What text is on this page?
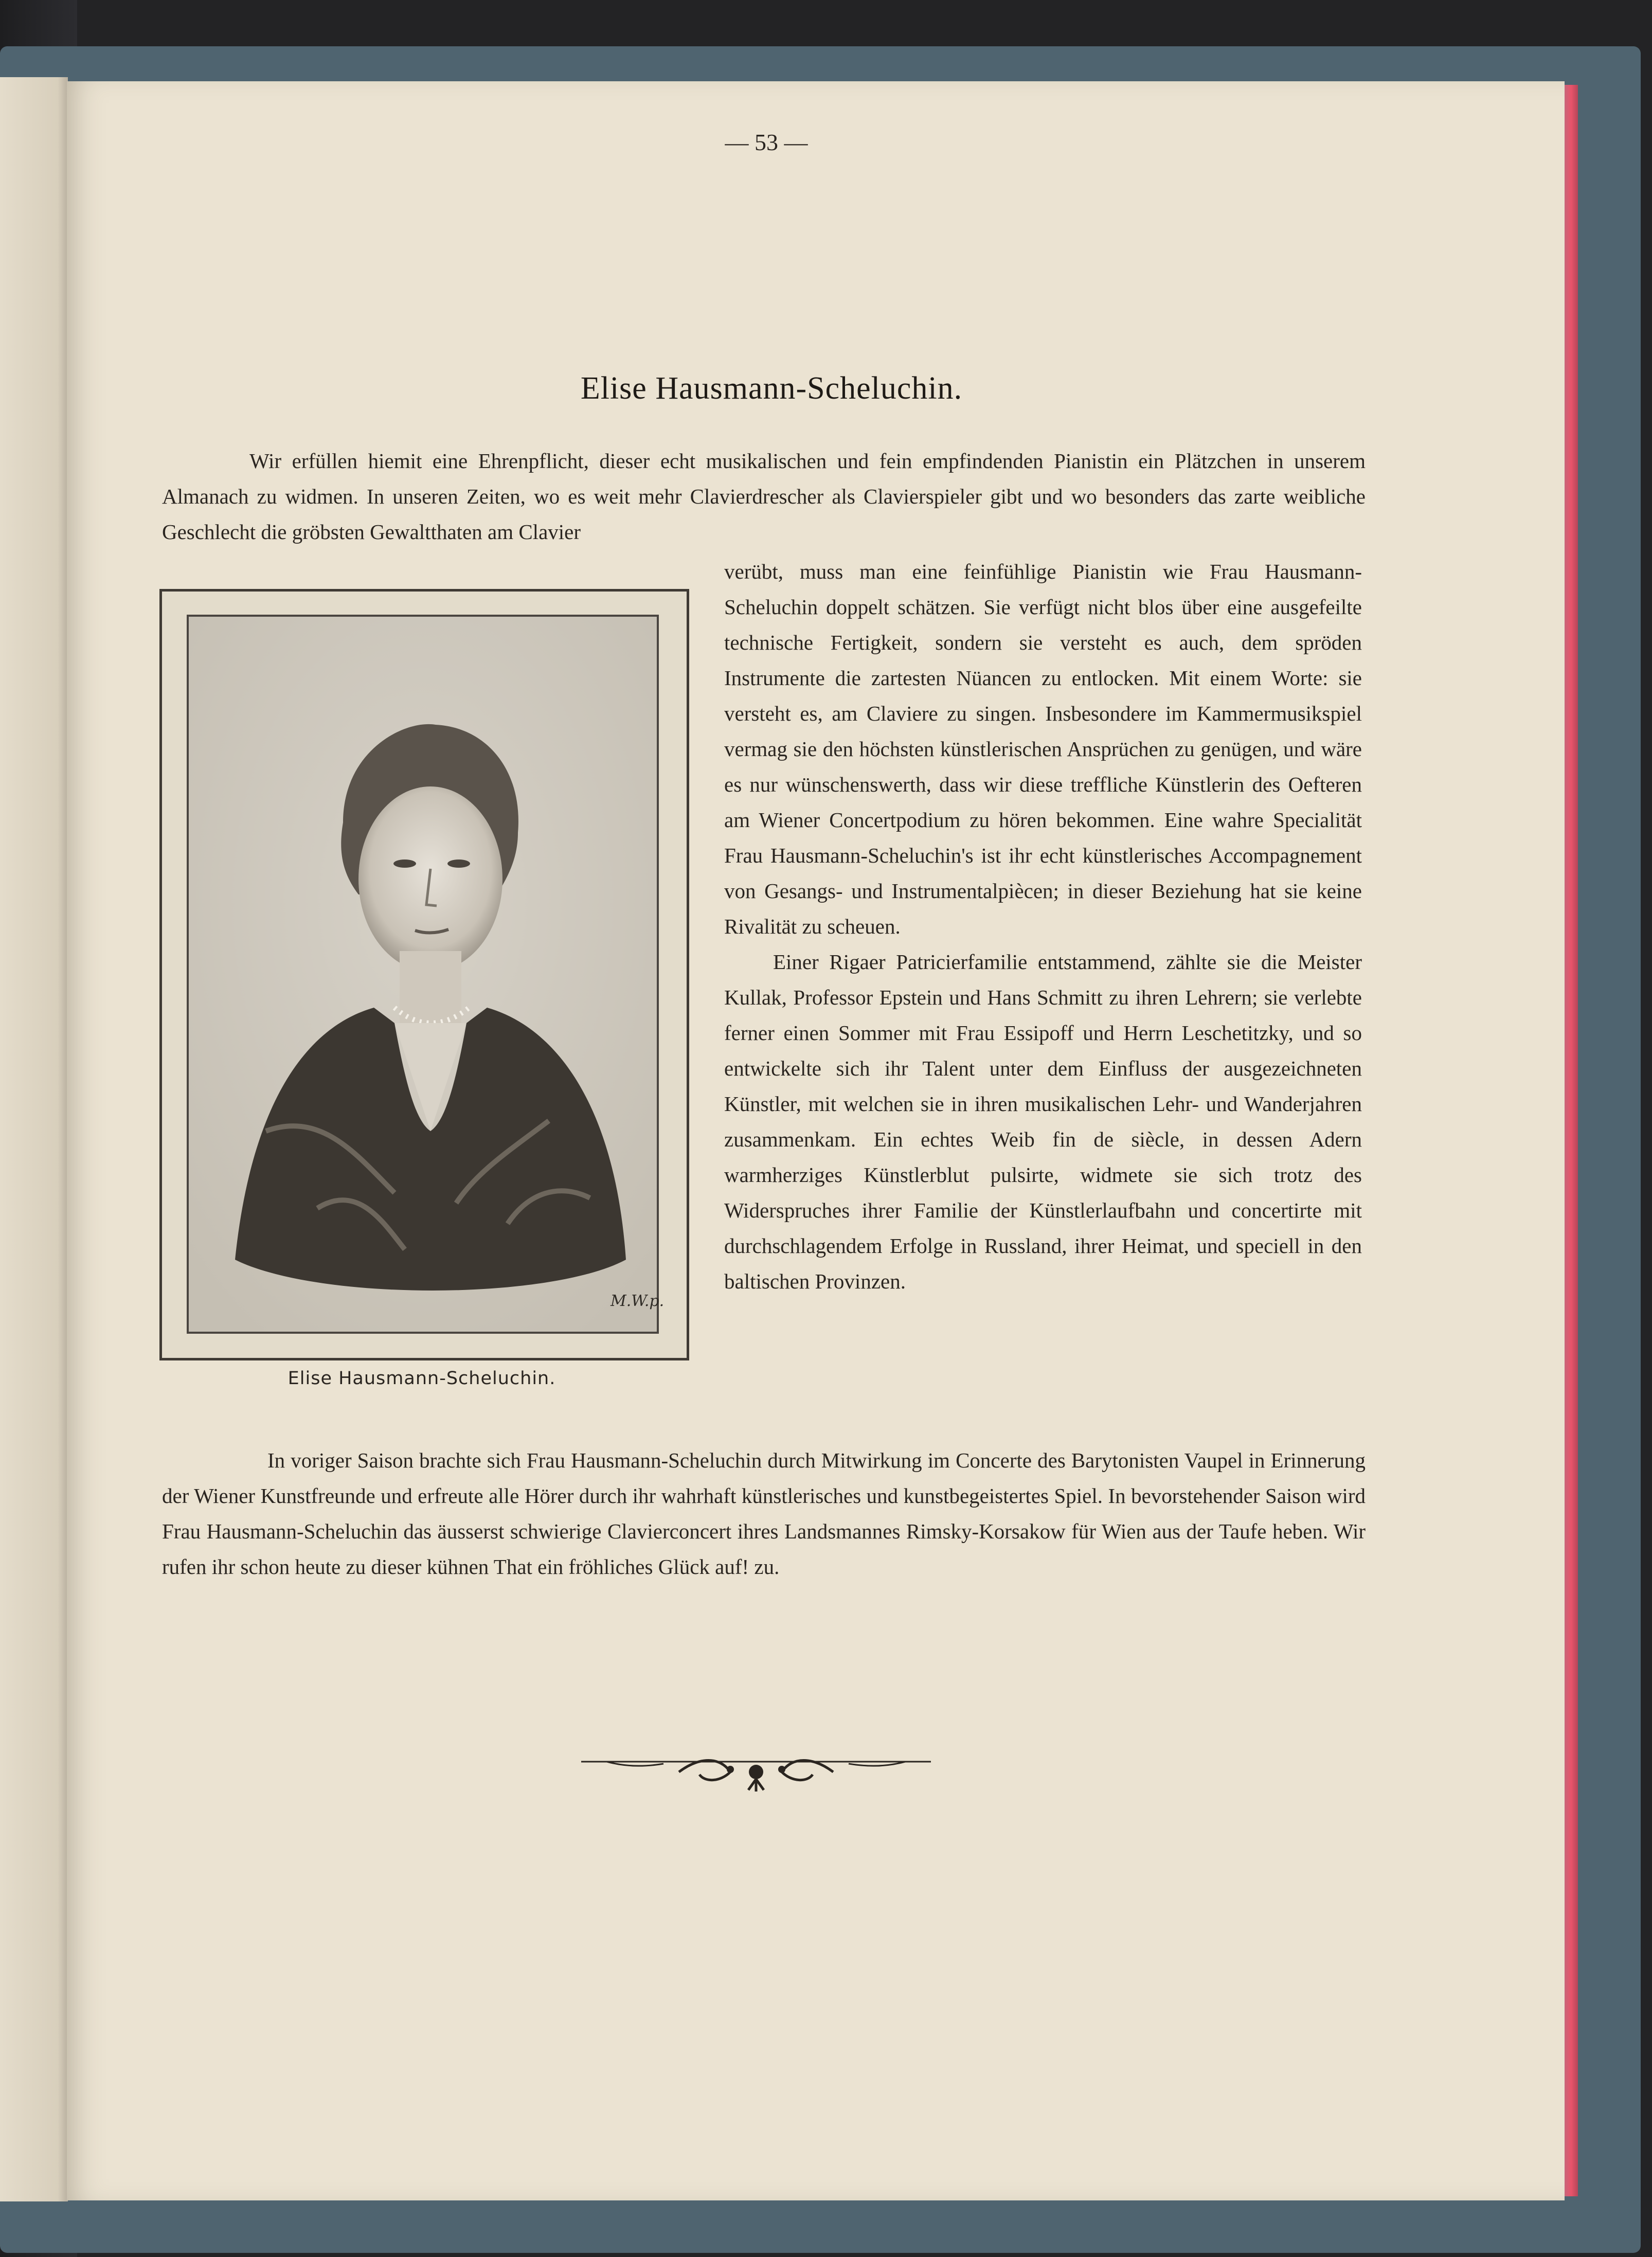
— 53 —
Elise Hausmann-Scheluchin.

Wir erfüllen hiemit eine Ehrenpflicht, dieser echt musikalischen und fein empfindenden Pianistin ein Plätzchen in unserem Almanach zu widmen. In unseren Zeiten, wo es weit mehr Clavierdrescher als Clavierspieler gibt und wo besonders das zarte weibliche Geschlecht die gröbsten Gewaltthaten am Clavier

M.W.p.
Elise Hausmann-Scheluchin.

verübt, muss man eine feinfühlige Pianistin wie Frau Hausmann-Scheluchin doppelt schätzen. Sie verfügt nicht blos über eine ausgefeilte technische Fertigkeit, sondern sie versteht es auch, dem spröden Instrumente die zartesten Nüancen zu entlocken. Mit einem Worte: sie versteht es, am Claviere zu singen. Insbesondere im Kammermusikspiel vermag sie den höchsten künstlerischen Ansprüchen zu genügen, und wäre es nur wünschenswerth, dass wir diese treffliche Künstlerin des Oefteren am Wiener Concertpodium zu hören bekommen. Eine wahre Specialität Frau Hausmann-Scheluchin's ist ihr echt künstlerisches Accompagnement von Gesangs- und Instrumentalpiècen; in dieser Beziehung hat sie keine Rivalität zu scheuen.

Einer Rigaer Patricierfamilie entstammend, zählte sie die Meister Kullak, Professor Epstein und Hans Schmitt zu ihren Lehrern; sie verlebte ferner einen Sommer mit Frau Essipoff und Herrn Leschetitzky, und so entwickelte sich ihr Talent unter dem Einfluss der ausgezeichneten Künstler, mit welchen sie in ihren musikalischen Lehr- und Wanderjahren zusammenkam. Ein echtes Weib fin de siècle, in dessen Adern warmherziges Künstlerblut pulsirte, widmete sie sich trotz des Widerspruches ihrer Familie der Künstlerlaufbahn und concertirte mit durchschlagendem Erfolge in Russland, ihrer Heimat, und speciell in den baltischen Provinzen.

In voriger Saison brachte sich Frau Hausmann-Scheluchin durch Mitwirkung im Concerte des Barytonisten Vaupel in Erinnerung der Wiener Kunstfreunde und erfreute alle Hörer durch ihr wahrhaft künstlerisches und kunstbegeistertes Spiel. In bevorstehender Saison wird Frau Hausmann-Scheluchin das äusserst schwierige Clavierconcert ihres Landsmannes Rimsky-Korsakow für Wien aus der Taufe heben. Wir rufen ihr schon heute zu dieser kühnen That ein fröhliches Glück auf! zu.
